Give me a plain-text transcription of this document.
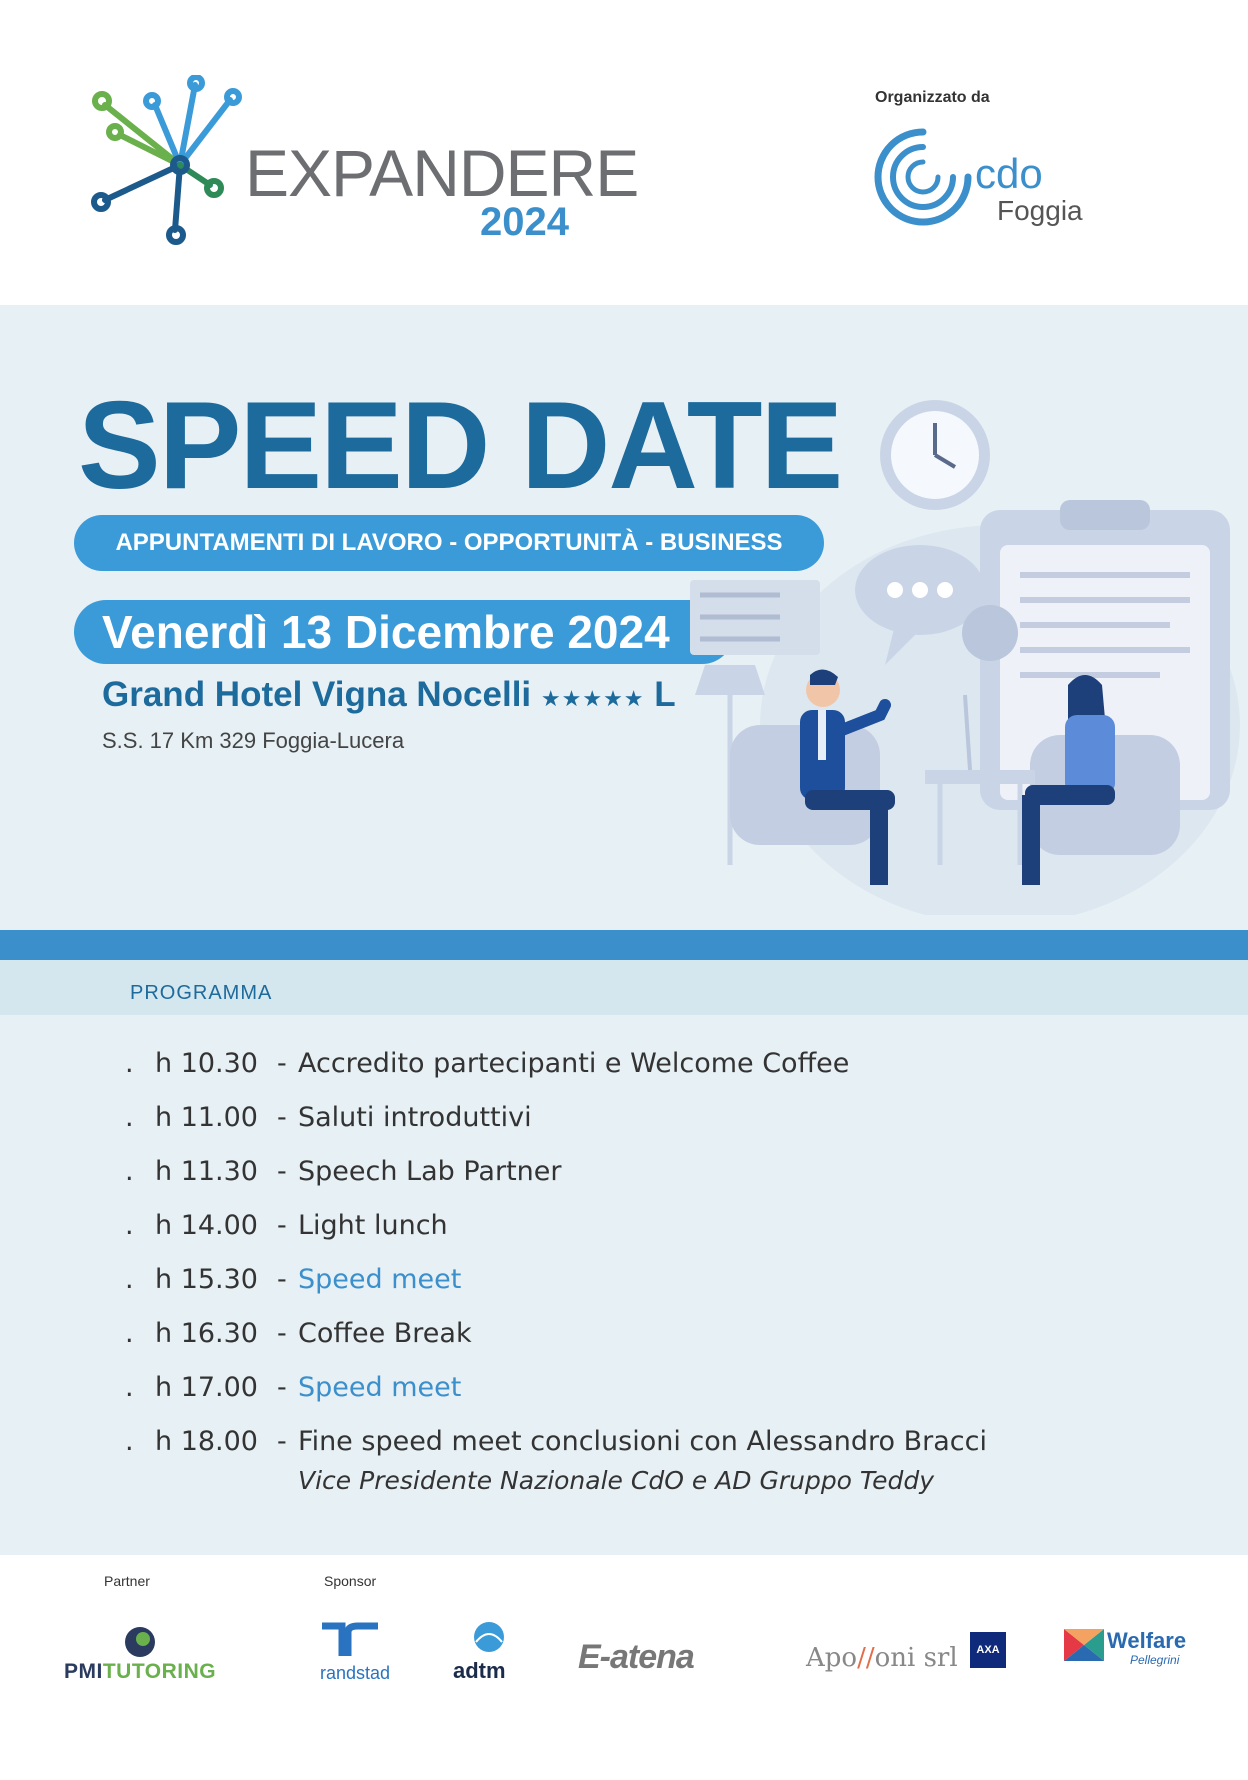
EXPANDERE
2024
Organizzato da
cdo
Foggia
SPEED DATE
APPUNTAMENTI DI LAVORO - OPPORTUNITÀ - BUSINESS
Venerdì 13 Dicembre 2024
Grand Hotel Vigna Nocelli ★★★★★ L
S.S. 17 Km 329 Foggia-Lucera
PROGRAMMA
. h 10.30 - Accredito partecipanti e Welcome Coffee
. h 11.00 - Saluti introduttivi
. h 11.30 - Speech Lab Partner
. h 14.00 - Light lunch
. h 15.30 - Speed meet
. h 16.30 - Coffee Break
. h 17.00 - Speed meet
. h 18.00 - Fine speed meet conclusioni con Alessandro Bracci
Vice Presidente Nazionale CdO e AD Gruppo Teddy
Partner	Sponsor
PMITUTORING	randstad	adtm E-atena	Apo//oni srl	AXA	Welfare
Pellegrini
